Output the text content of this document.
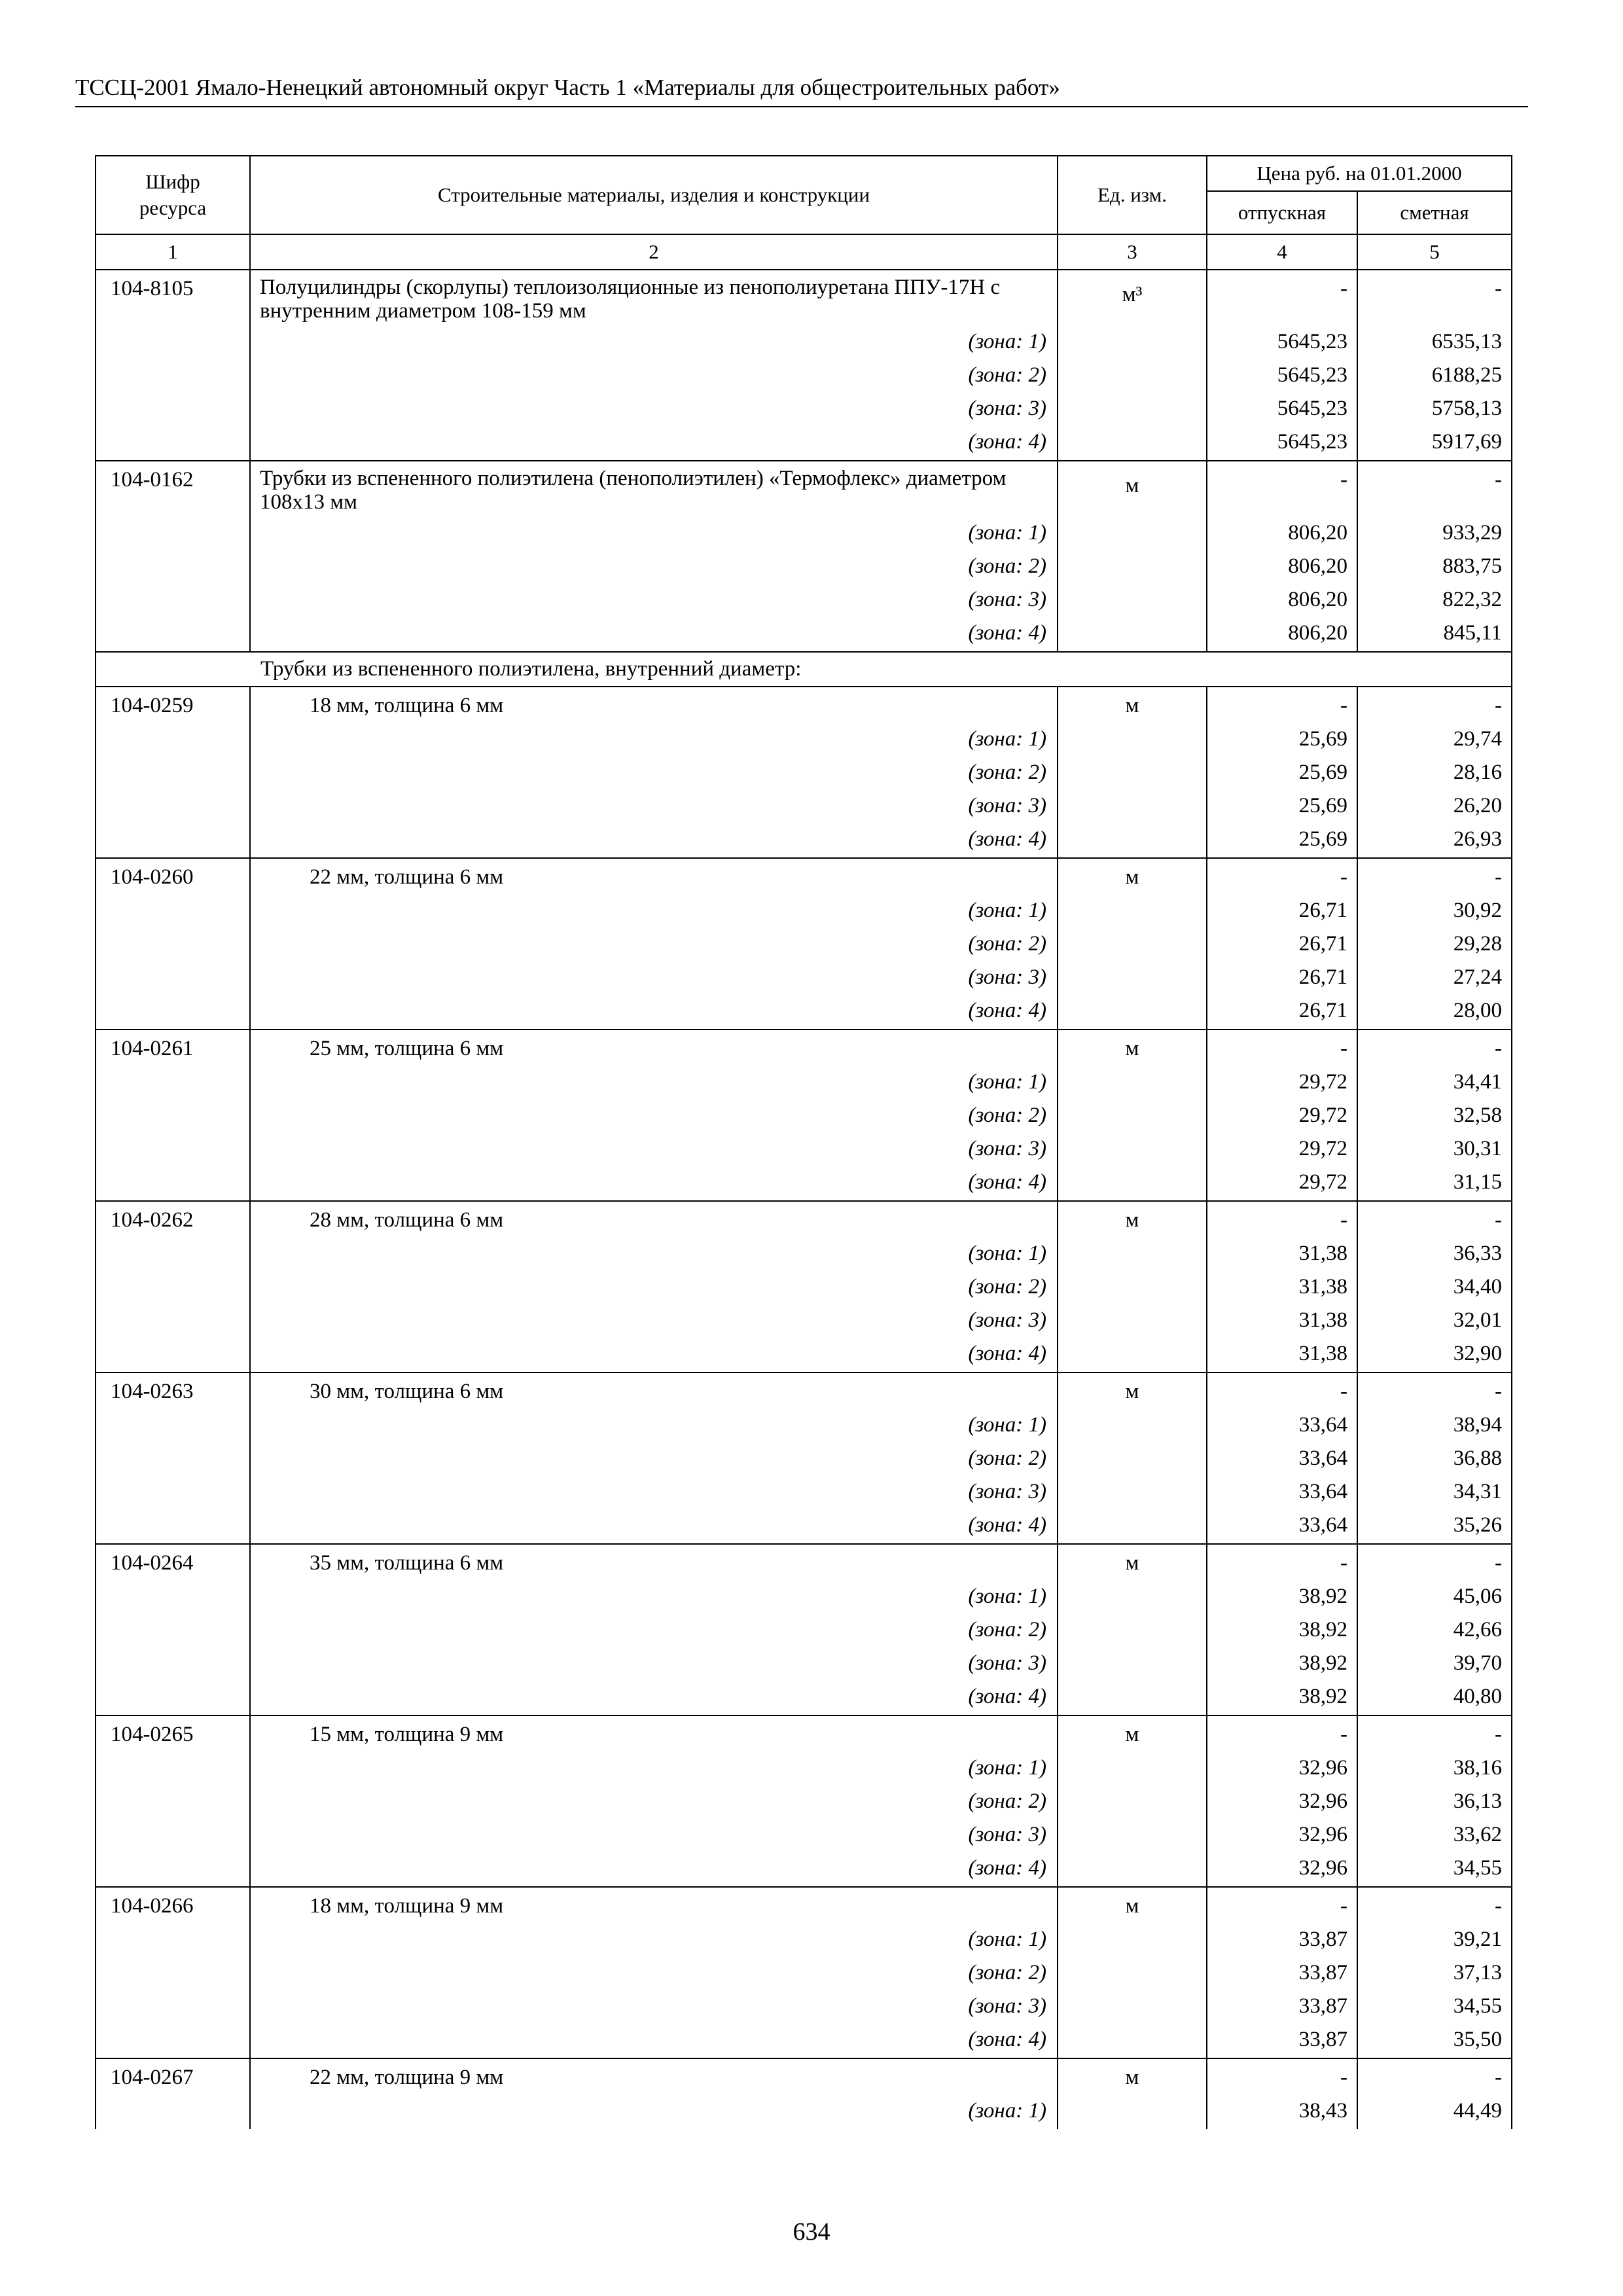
ТССЦ-2001 Ямало-Ненецкий автономный округ Часть 1 «Материалы для общестроительных работ»
Шифр ресурса	Строительные материалы, изделия и конструкции	Ед. изм.	Цена руб. на 01.01.2000	
			отпускная	сметная
1	2	3	4	5
104-8105	Полуцилиндры (скорлупы) теплоизоляционные из пенополиуретана ППУ-17Н с внутренним диаметром 108-159 мм	м³	-	-
	(зона: 1)		5645,23	6535,13
	(зона: 2)		5645,23	6188,25
	(зона: 3)		5645,23	5758,13
	(зона: 4)		5645,23	5917,69
104-0162	Трубки из вспененного полиэтилена (пенополиэтилен) «Термофлекс» диаметром 108х13 мм	м	-	-
	(зона: 1)		806,20	933,29
	(зона: 2)		806,20	883,75
	(зона: 3)		806,20	822,32
	(зона: 4)		806,20	845,11
Трубки из вспененного полиэтилена, внутренний диаметр:				
104-0259	18 мм, толщина 6 мм	м	-	-
	(зона: 1)		25,69	29,74
	(зона: 2)		25,69	28,16
	(зона: 3)		25,69	26,20
	(зона: 4)		25,69	26,93
104-0260	22 мм, толщина 6 мм	м	-	-
	(зона: 1)		26,71	30,92
	(зона: 2)		26,71	29,28
	(зона: 3)		26,71	27,24
	(зона: 4)		26,71	28,00
104-0261	25 мм, толщина 6 мм	м	-	-
	(зона: 1)		29,72	34,41
	(зона: 2)		29,72	32,58
	(зона: 3)		29,72	30,31
	(зона: 4)		29,72	31,15
104-0262	28 мм, толщина 6 мм	м	-	-
	(зона: 1)		31,38	36,33
	(зона: 2)		31,38	34,40
	(зона: 3)		31,38	32,01
	(зона: 4)		31,38	32,90
104-0263	30 мм, толщина 6 мм	м	-	-
	(зона: 1)		33,64	38,94
	(зона: 2)		33,64	36,88
	(зона: 3)		33,64	34,31
	(зона: 4)		33,64	35,26
104-0264	35 мм, толщина 6 мм	м	-	-
	(зона: 1)		38,92	45,06
	(зона: 2)		38,92	42,66
	(зона: 3)		38,92	39,70
	(зона: 4)		38,92	40,80
104-0265	15 мм, толщина 9 мм	м	-	-
	(зона: 1)		32,96	38,16
	(зона: 2)		32,96	36,13
	(зона: 3)		32,96	33,62
	(зона: 4)		32,96	34,55
104-0266	18 мм, толщина 9 мм	м	-	-
	(зона: 1)		33,87	39,21
	(зона: 2)		33,87	37,13
	(зона: 3)		33,87	34,55
	(зона: 4)		33,87	35,50
104-0267	22 мм, толщина 9 мм	м	-	-
	(зона: 1)		38,43	44,49
634
